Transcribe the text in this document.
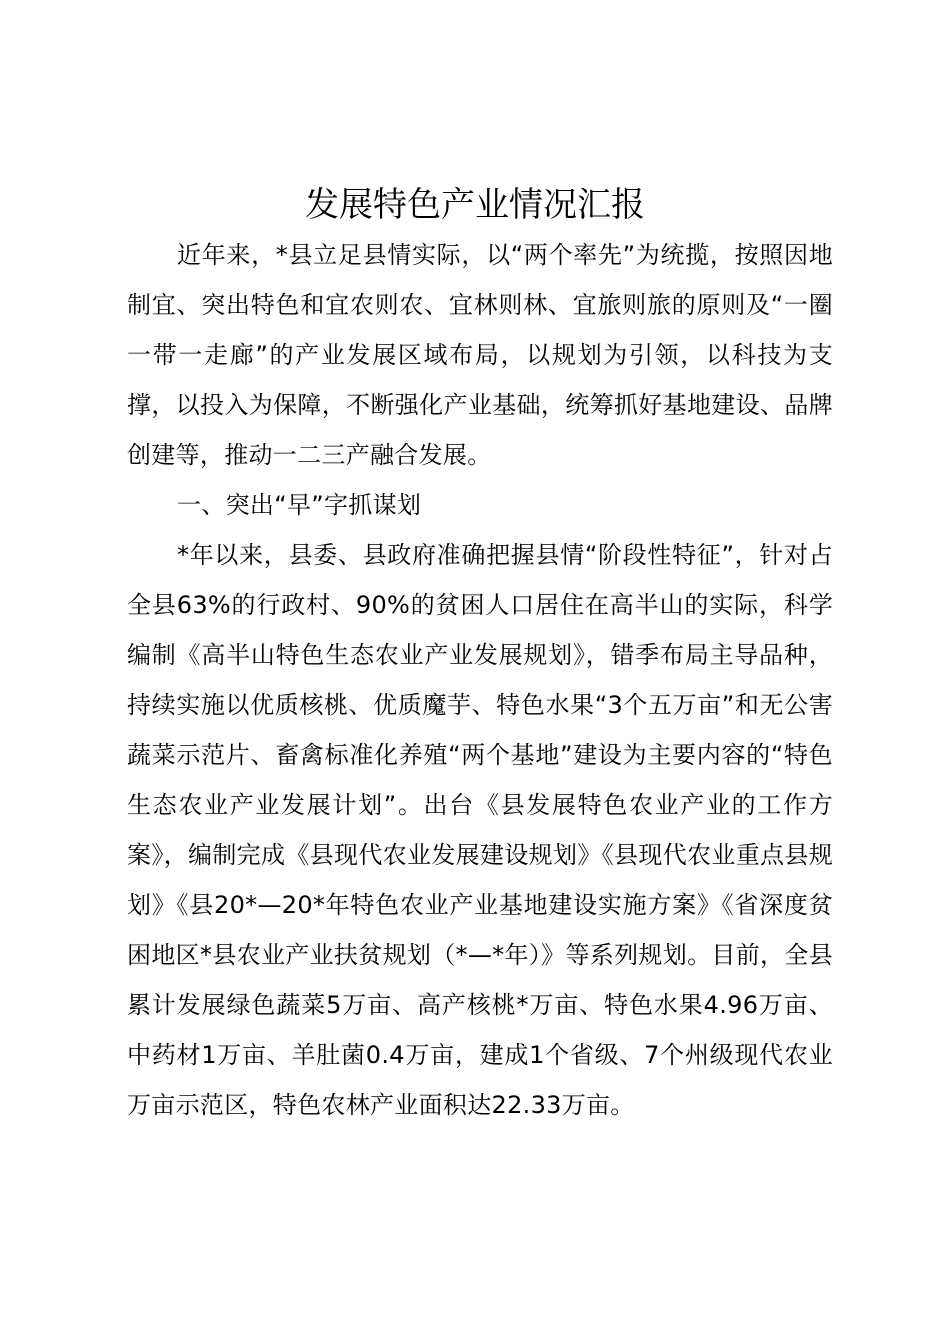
发展特色产业情况汇报

近年来，*县立足县情实际，以“两个率先”为统揽，按照因地制宜、突出特色和宜农则农、宜林则林、宜旅则旅的原则及“一圈一带一走廊”的产业发展区域布局，以规划为引领，以科技为支撑，以投入为保障，不断强化产业基础，统筹抓好基地建设、品牌创建等，推动一二三产融合发展。

一、突出“早”字抓谋划

*年以来，县委、县政府准确把握县情“阶段性特征”，针对占全县63%的行政村、90%的贫困人口居住在高半山的实际，科学编制《高半山特色生态农业产业发展规划》，错季布局主导品种，持续实施以优质核桃、优质魔芋、特色水果“3个五万亩”和无公害蔬菜示范片、畜禽标准化养殖“两个基地”建设为主要内容的“特色生态农业产业发展计划”。出台《县发展特色农业产业的工作方案》，编制完成《县现代农业发展建设规划》《县现代农业重点县规划》《县20*—20*年特色农业产业基地建设实施方案》《省深度贫困地区*县农业产业扶贫规划（*—*年）》等系列规划。目前，全县累计发展绿色蔬菜5万亩、高产核桃*万亩、特色水果4.96万亩、中药材1万亩、羊肚菌0.4万亩，建成1个省级、7个州级现代农业万亩示范区，特色农林产业面积达22.33万亩。
